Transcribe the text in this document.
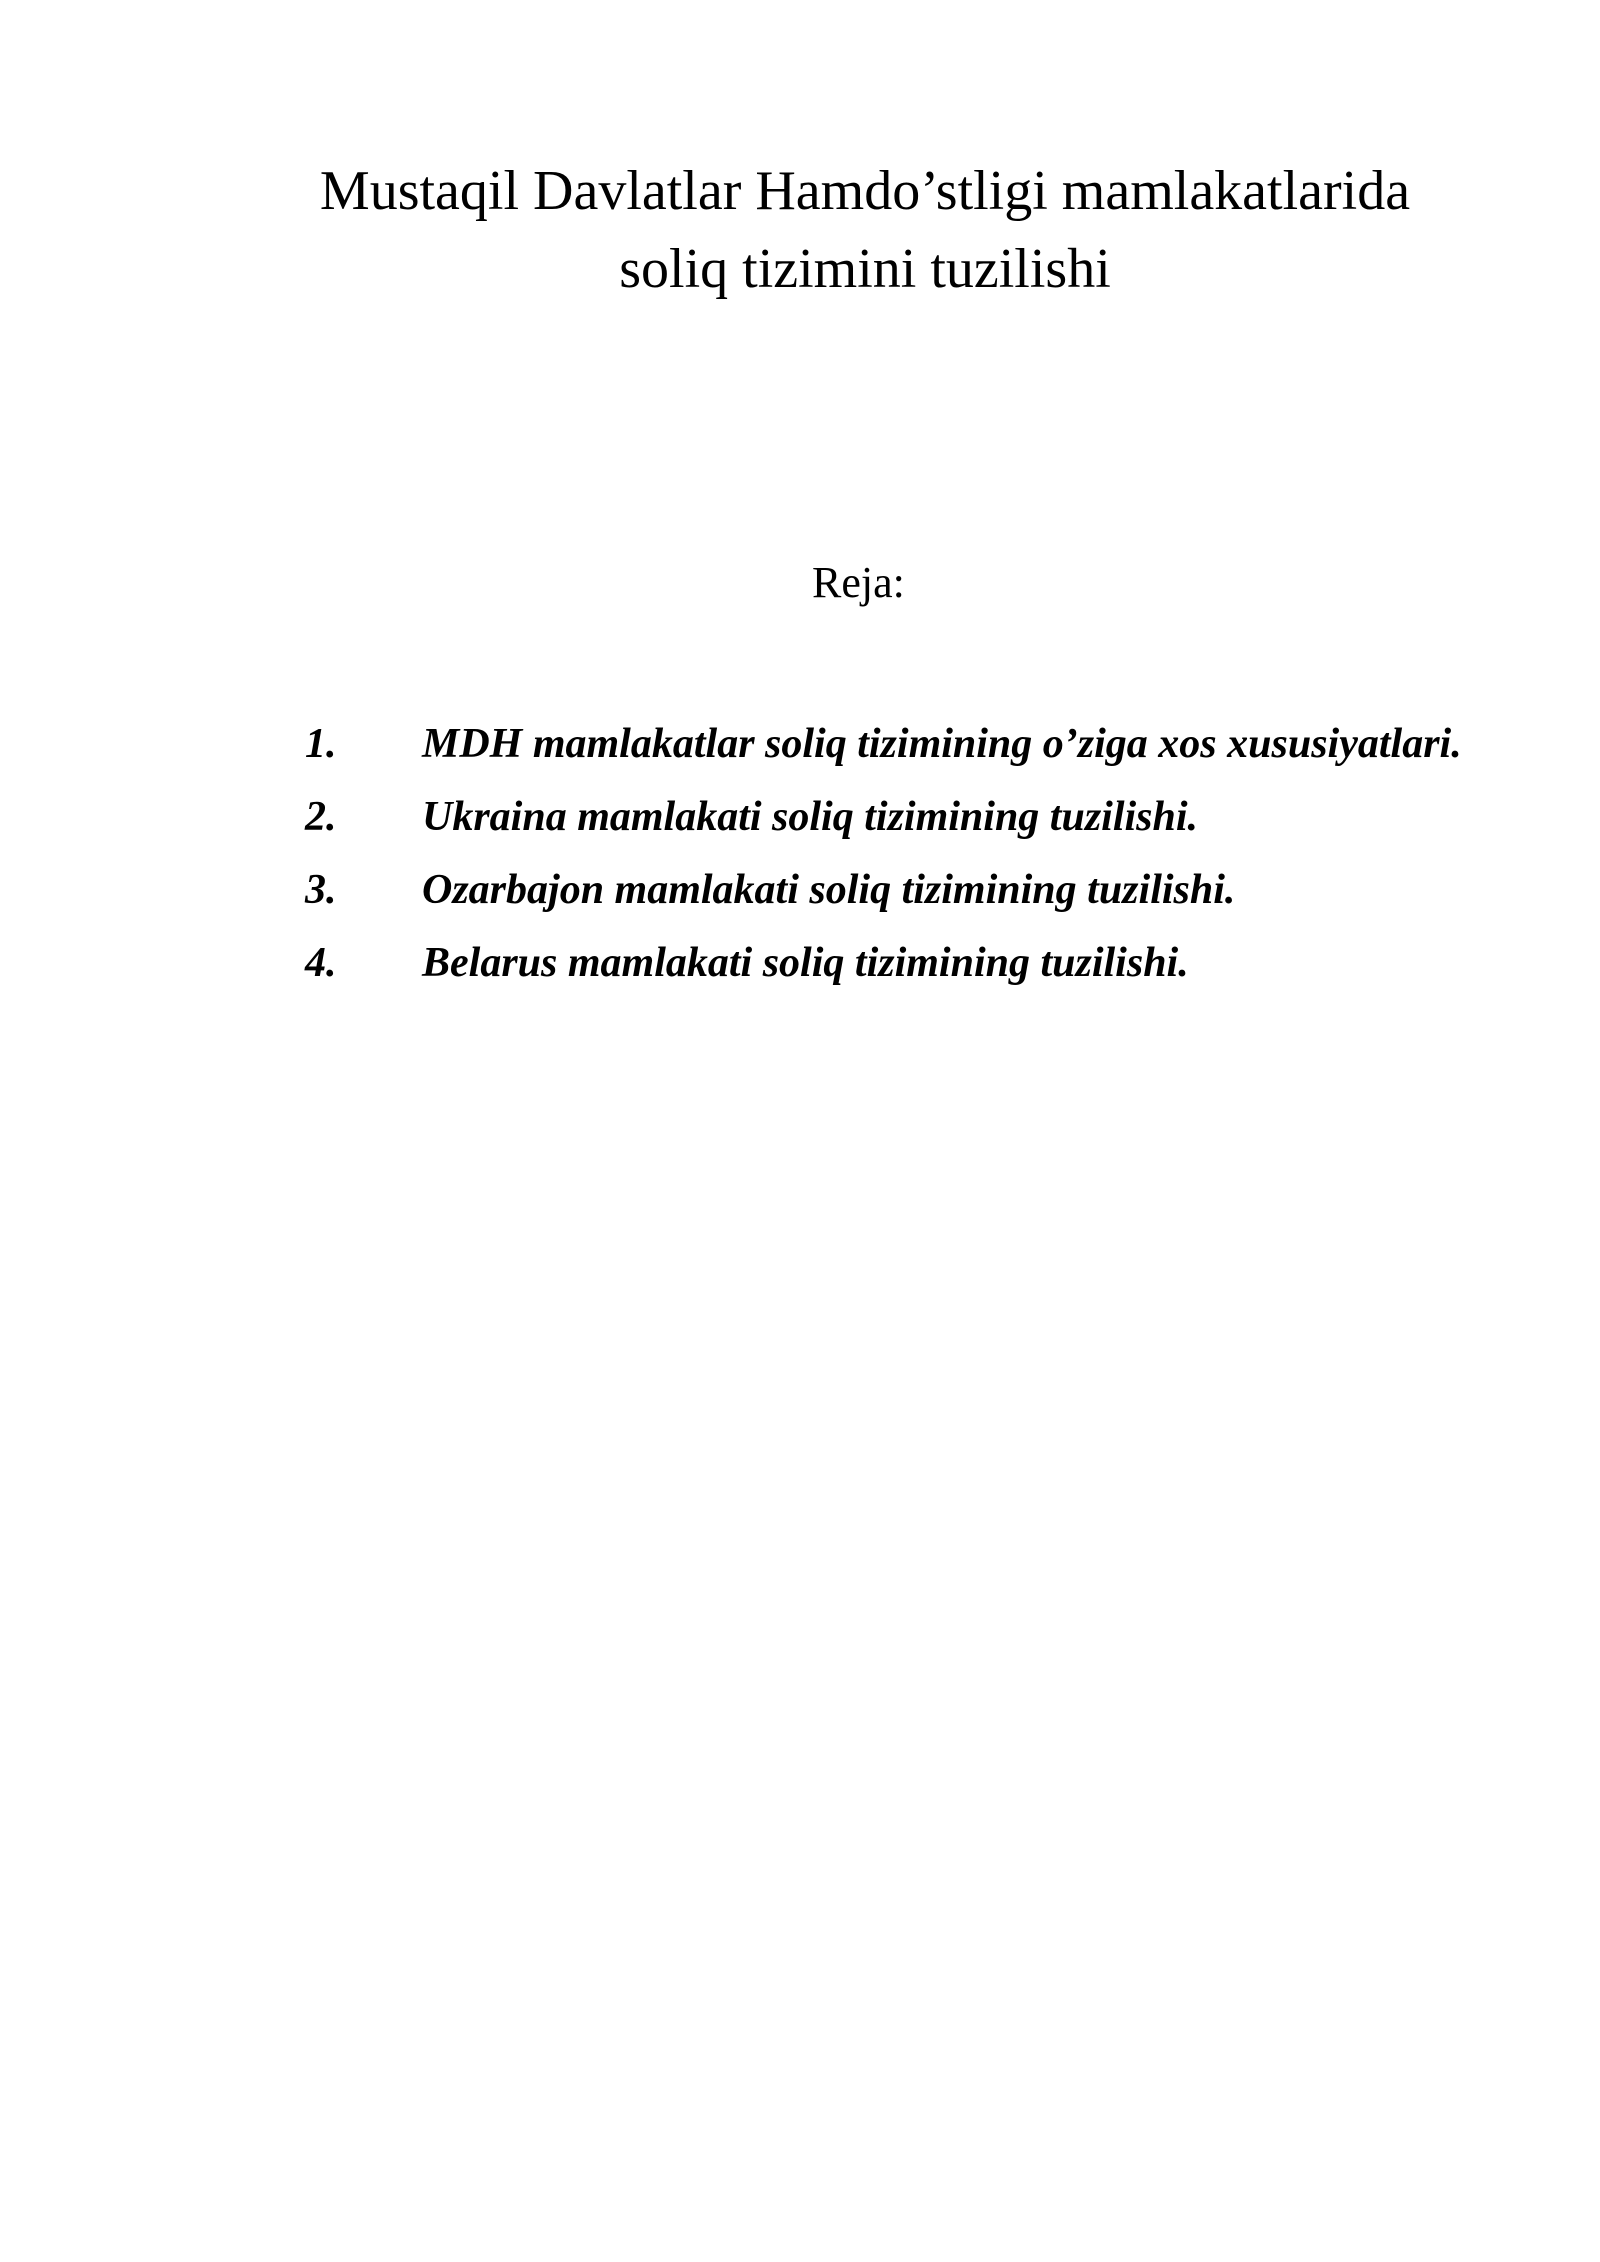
Mustaqil Davlatlar Hamdo’stligi mamlakatlarida
soliq tizimini tuzilishi
Reja:
1.	MDH mamlakatlar soliq tizimining o’ziga xos xususiyatlari.
2.	Ukraina mamlakati soliq tizimining tuzilishi.
3.	Ozarbajon mamlakati soliq tizimining tuzilishi.
4.	Belarus mamlakati soliq tizimining tuzilishi.
